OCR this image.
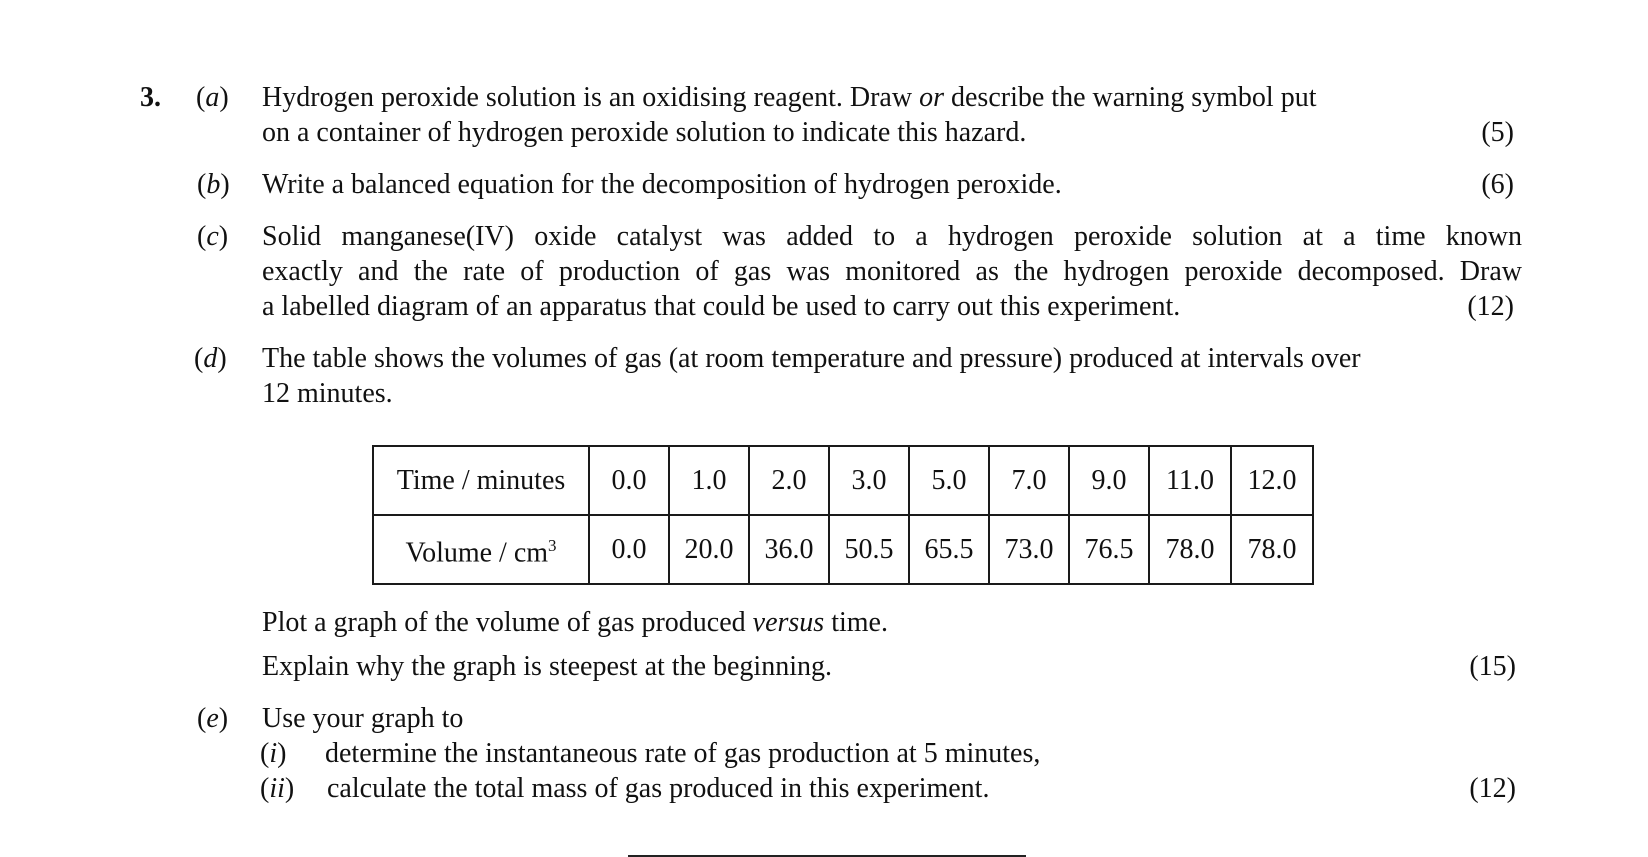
3. (a) Hydrogen peroxide solution is an oxidising reagent. Draw or describe the warning symbol put
on a container of hydrogen peroxide solution to indicate this hazard.	(5)
(b) Write a balanced equation for the decomposition of hydrogen peroxide.	(6)
(c) Solid manganese(IV) oxide catalyst was added to a hydrogen peroxide solution at a time known
exactly and the rate of production of gas was monitored as the hydrogen peroxide decomposed. Draw
a labelled diagram of an apparatus that could be used to carry out this experiment.	(12)
(d) The table shows the volumes of gas (at room temperature and pressure) produced at intervals over
12 minutes.
Time / minutes	0.0	1.0	2.0	3.0	5.0	7.0	9.0	11.0	12.0
Volume / $cm^3$	0.0	20.0	36.0	50.5	65.5	73.0	76.5	78.0	78.0
Plot a graph of the volume of gas produced versus time.
Explain why the graph is steepest at the beginning.	(15)
(e) Use your graph to
(i) determine the instantaneous rate of gas production at 5 minutes,
(ii) calculate the total mass of gas produced in this experiment.	(12)
